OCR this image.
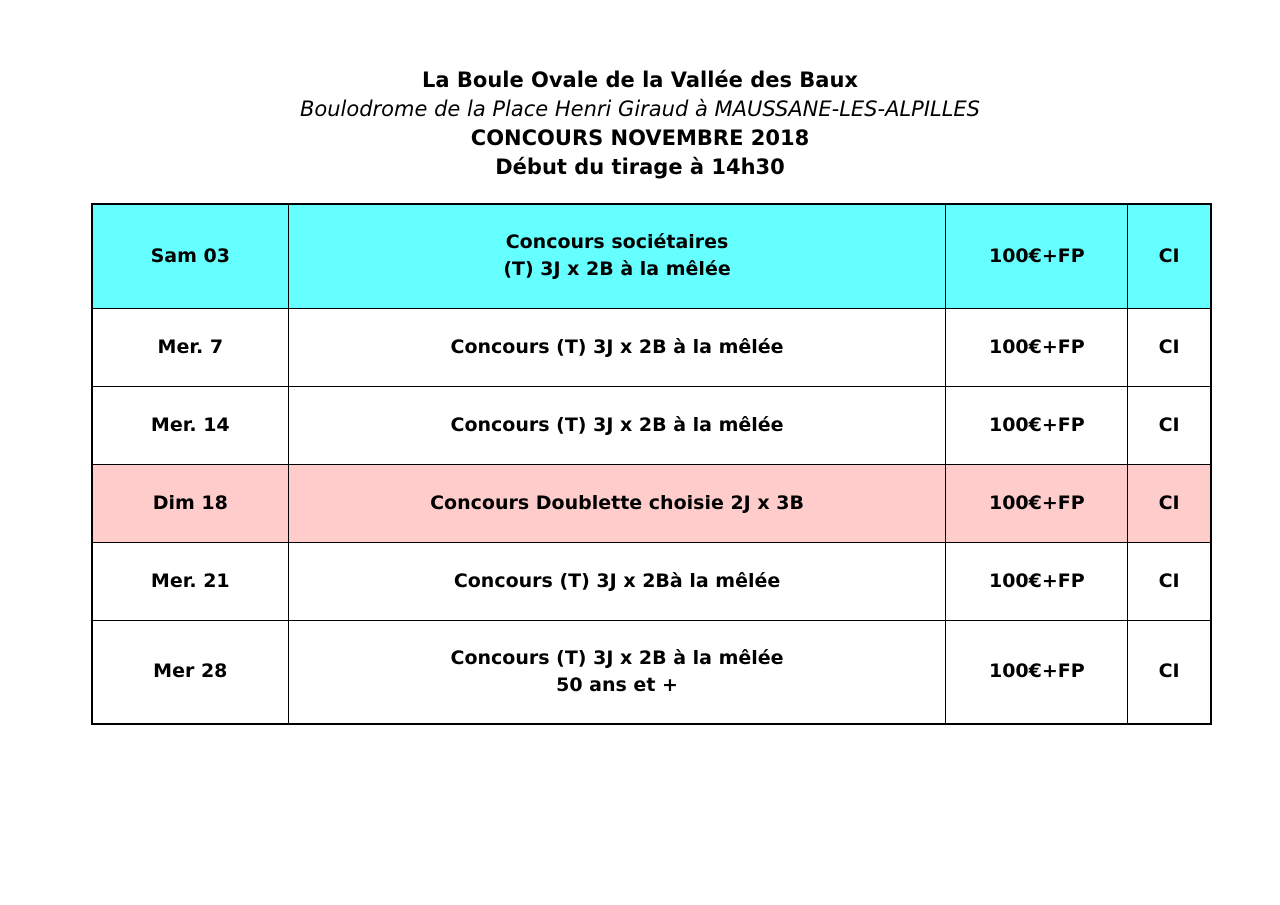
La Boule Ovale de la Vallée des Baux
Boulodrome de la Place Henri Giraud à MAUSSANE-LES-ALPILLES
CONCOURS NOVEMBRE 2018
Début du tirage à 14h30
Sam 03	Concours sociétaires
(T) 3J x 2B à la mêlée	100€+FP	CI
Mer. 7	Concours (T) 3J x 2B à la mêlée	100€+FP	CI
Mer. 14	Concours (T) 3J x 2B à la mêlée	100€+FP	CI
Dim 18	Concours Doublette choisie 2J x 3B	100€+FP	CI
Mer. 21	Concours (T) 3J x 2Bà la mêlée	100€+FP	CI
Mer 28	Concours (T) 3J x 2B à la mêlée
50 ans et +	100€+FP	CI
